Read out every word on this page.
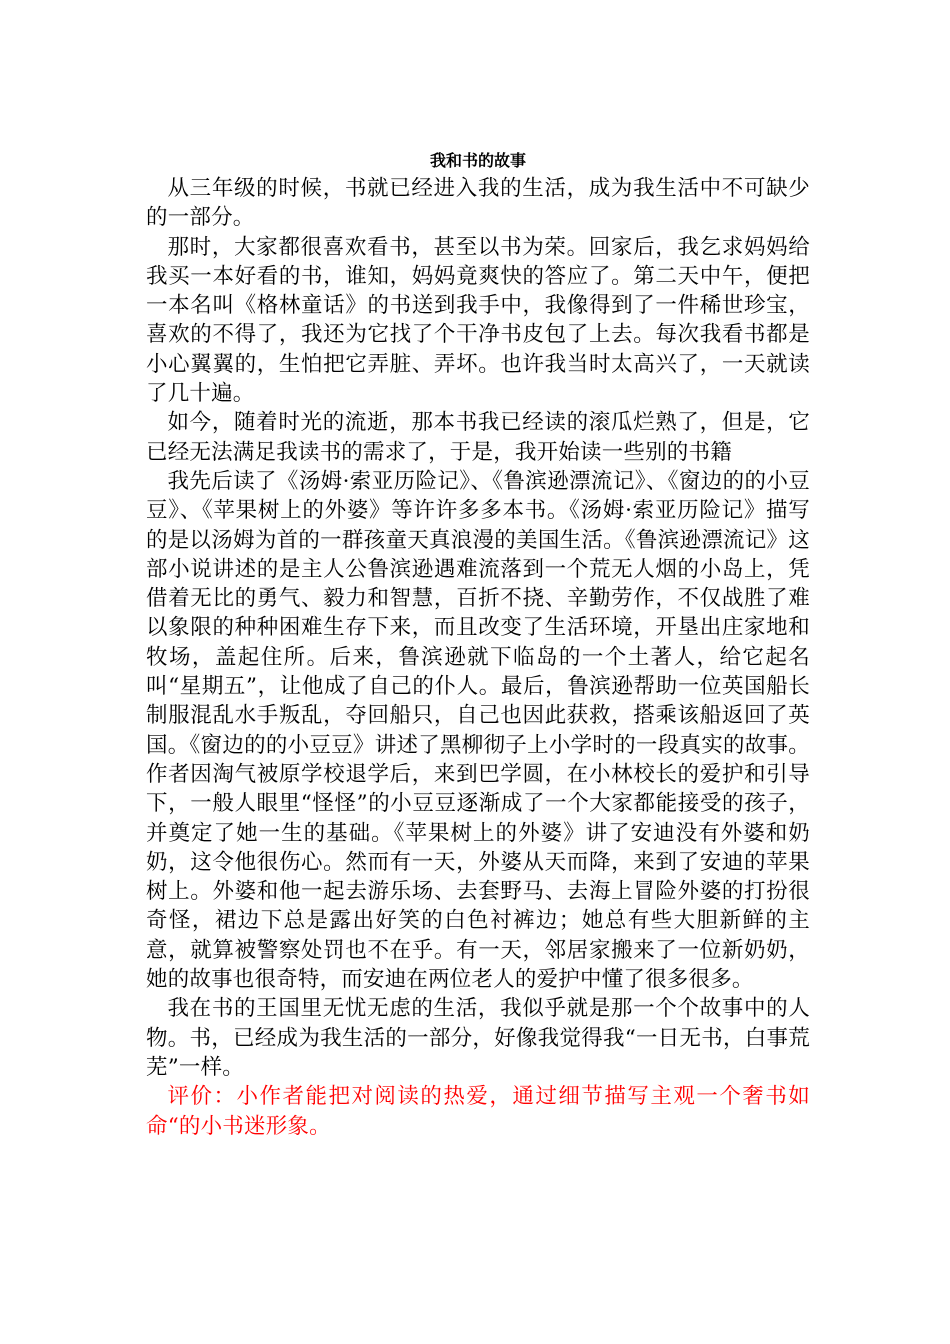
我和书的故事

从三年级的时候，书就已经进入我的生活，成为我生活中不可缺少的一部分。

那时，大家都很喜欢看书，甚至以书为荣。回家后，我乞求妈妈给我买一本好看的书，谁知，妈妈竟爽快的答应了。第二天中午，便把一本名叫《格林童话》的书送到我手中，我像得到了一件稀世珍宝，喜欢的不得了，我还为它找了个干净书皮包了上去。每次我看书都是小心翼翼的，生怕把它弄脏、弄坏。也许我当时太高兴了，一天就读了几十遍。

如今，随着时光的流逝，那本书我已经读的滚瓜烂熟了，但是，它已经无法满足我读书的需求了，于是，我开始读一些别的书籍

我先后读了《汤姆·索亚历险记》、《鲁滨逊漂流记》、《窗边的的小豆豆》、《苹果树上的外婆》等许许多多本书。《汤姆·索亚历险记》描写的是以汤姆为首的一群孩童天真浪漫的美国生活。《鲁滨逊漂流记》这部小说讲述的是主人公鲁滨逊遇难流落到一个荒无人烟的小岛上，凭借着无比的勇气、毅力和智慧，百折不挠、辛勤劳作，不仅战胜了难以象限的种种困难生存下来，而且改变了生活环境，开垦出庄家地和牧场，盖起住所。后来，鲁滨逊就下临岛的一个土著人，给它起名叫“星期五”，让他成了自己的仆人。最后，鲁滨逊帮助一位英国船长制服混乱水手叛乱，夺回船只，自己也因此获救，搭乘该船返回了英国。《窗边的的小豆豆》讲述了黑柳彻子上小学时的一段真实的故事。作者因淘气被原学校退学后，来到巴学圆，在小林校长的爱护和引导下，一般人眼里“怪怪”的小豆豆逐渐成了一个大家都能接受的孩子，并奠定了她一生的基础。《苹果树上的外婆》讲了安迪没有外婆和奶奶，这令他很伤心。然而有一天，外婆从天而降，来到了安迪的苹果树上。外婆和他一起去游乐场、去套野马、去海上冒险外婆的打扮很奇怪，裙边下总是露出好笑的白色衬裤边；她总有些大胆新鲜的主意，就算被警察处罚也不在乎。有一天，邻居家搬来了一位新奶奶，她的故事也很奇特，而安迪在两位老人的爱护中懂了很多很多。

我在书的王国里无忧无虑的生活，我似乎就是那一个个故事中的人物。书，已经成为我生活的一部分，好像我觉得我“一日无书，白事荒芜”一样。

评价：小作者能把对阅读的热爱，通过细节描写主观一个奢书如命“的小书迷形象。
